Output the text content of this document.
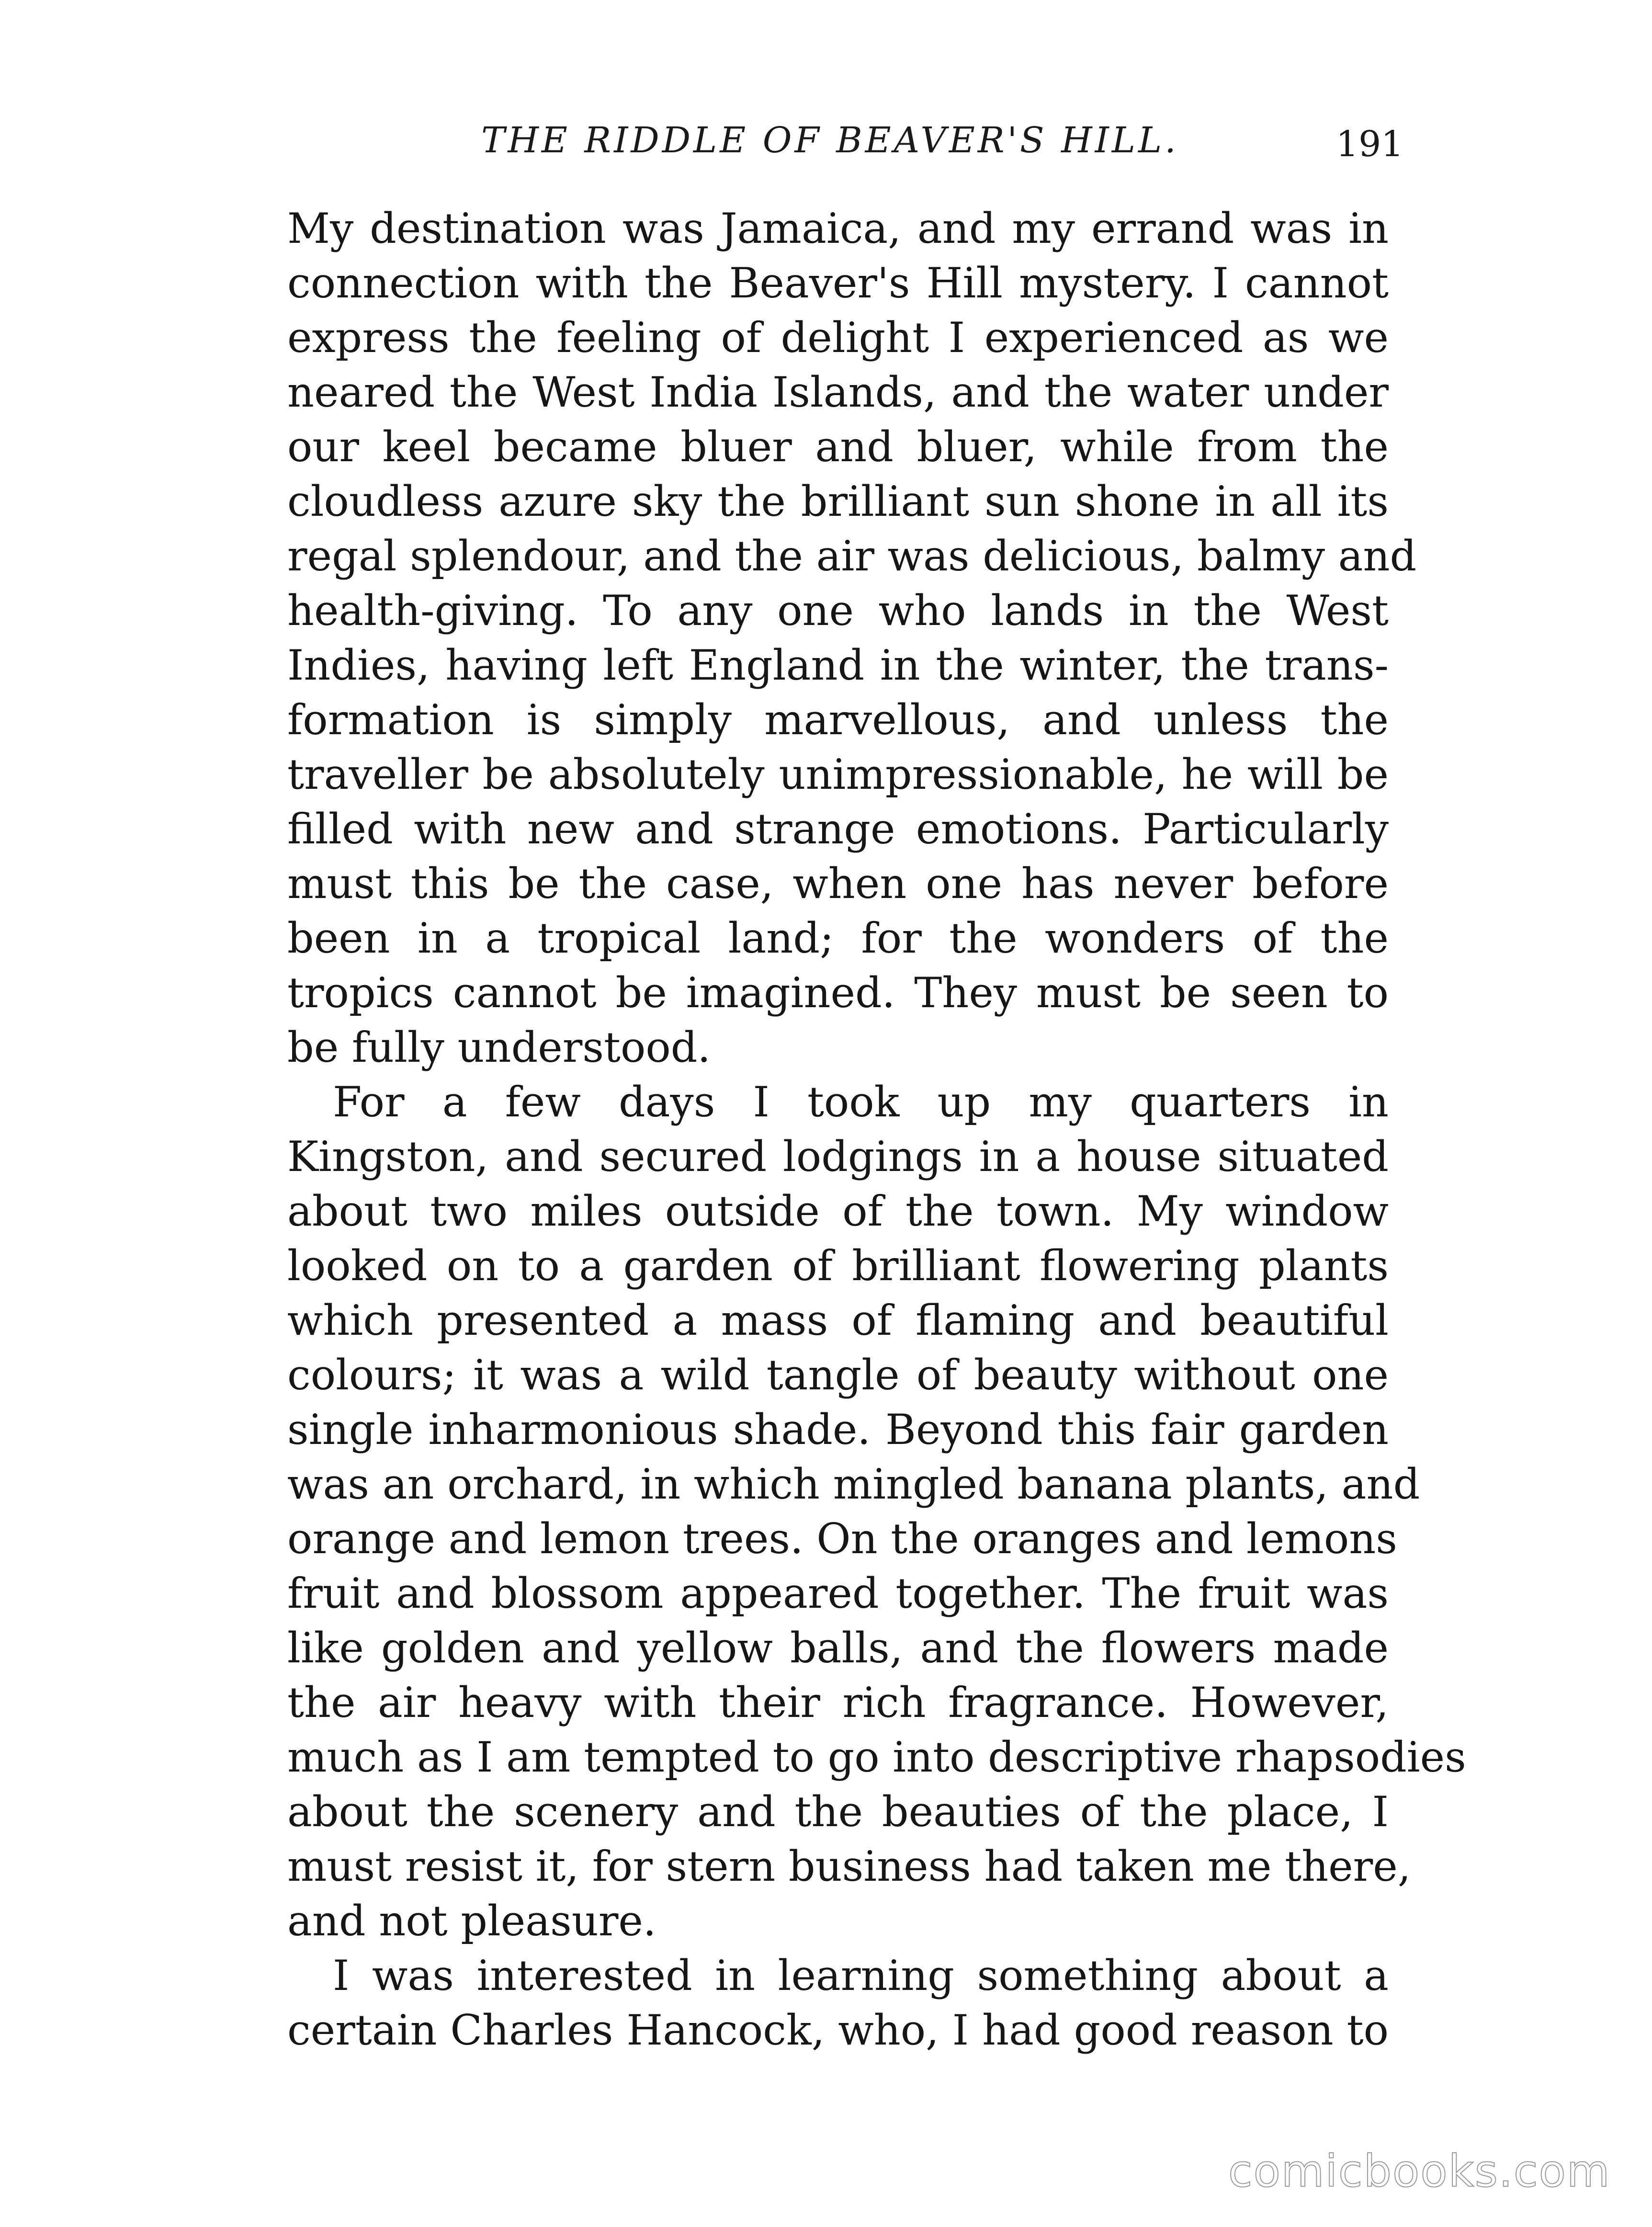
THE RIDDLE OF BEAVER'S HILL.	191
My destination was Jamaica, and my errand was in
connection with the Beaver's Hill mystery. I cannot
express the feeling of delight I experienced as we
neared the West India Islands, and the water under
our keel became bluer and bluer, while from the
cloudless azure sky the brilliant sun shone in all its
regal splendour, and the air was delicious, balmy and
health-giving. To any one who lands in the West
Indies, having left England in the winter, the trans-
formation is simply marvellous, and unless the
traveller be absolutely unimpressionable, he will be
filled with new and strange emotions. Particularly
must this be the case, when one has never before
been in a tropical land; for the wonders of the
tropics cannot be imagined. They must be seen to
be fully understood.
For a few days I took up my quarters in
Kingston, and secured lodgings in a house situated
about two miles outside of the town. My window
looked on to a garden of brilliant flowering plants
which presented a mass of flaming and beautiful
colours; it was a wild tangle of beauty without one
single inharmonious shade. Beyond this fair garden
was an orchard, in which mingled banana plants, and
orange and lemon trees. On the oranges and lemons
fruit and blossom appeared together. The fruit was
like golden and yellow balls, and the flowers made
the air heavy with their rich fragrance. However,
much as I am tempted to go into descriptive rhapsodies
about the scenery and the beauties of the place, I
must resist it, for stern business had taken me there,
and not pleasure.
I was interested in learning something about a
certain Charles Hancock, who, I had good reason to
comicbooks.com
